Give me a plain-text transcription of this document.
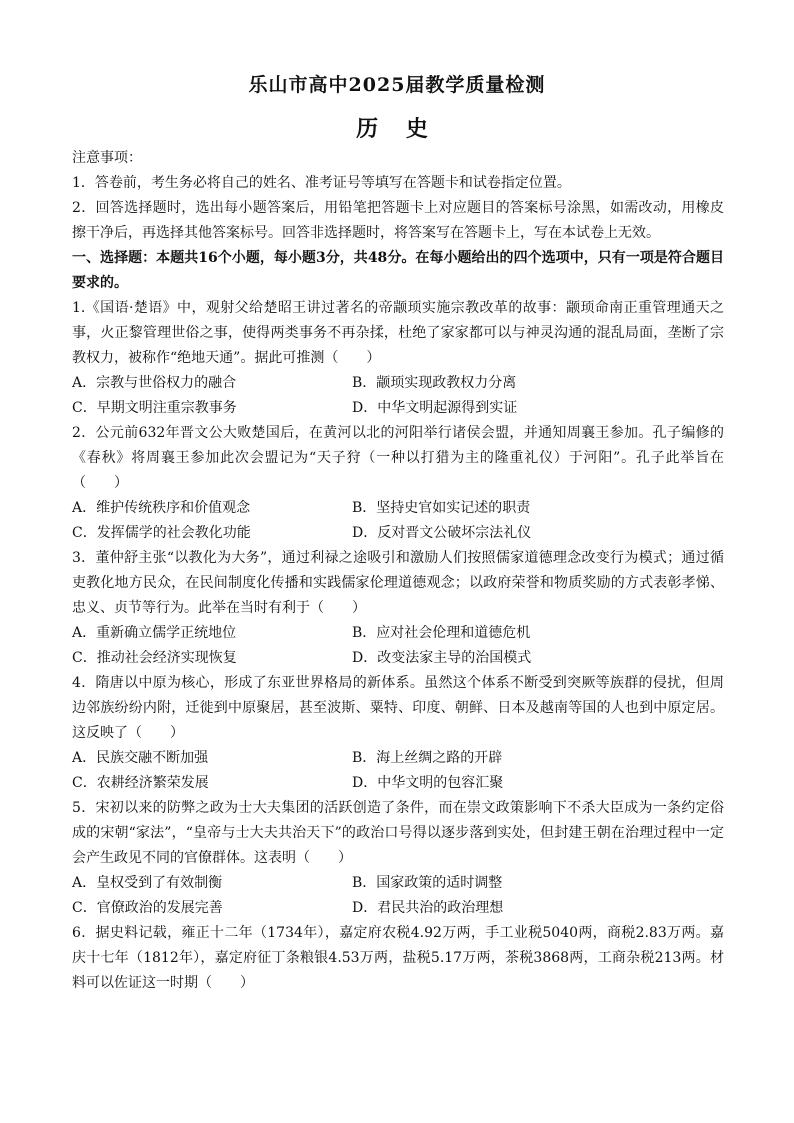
乐山市高中2025届教学质量检测
历 史

注意事项：

1．答卷前，考生务必将自己的姓名、准考证号等填写在答题卡和试卷指定位置。

2．回答选择题时，选出每小题答案后，用铅笔把答题卡上对应题目的答案标号涂黑，如需改动，用橡皮擦干净后，再选择其他答案标号。回答非选择题时，将答案写在答题卡上，写在本试卷上无效。

一、选择题：本题共16个小题，每小题3分，共48分。在每小题给出的四个选项中，只有一项是符合题目要求的。

1.《国语·楚语》中，观射父给楚昭王讲过著名的帝颛顼实施宗教改革的故事：颛顼命南正重管理通天之事，火正黎管理世俗之事，使得两类事务不再杂揉，杜绝了家家都可以与神灵沟通的混乱局面，垄断了宗教权力，被称作“绝地天通”。据此可推测（　　）

A．宗教与世俗权力的融合	B．颛顼实现政教权力分离
C．早期文明注重宗教事务	D．中华文明起源得到实证

2．公元前632年晋文公大败楚国后，在黄河以北的河阳举行诸侯会盟，并通知周襄王参加。孔子编修的《春秋》将周襄王参加此次会盟记为“天子狩（一种以打猎为主的隆重礼仪）于河阳”。孔子此举旨在（　　）

A．维护传统秩序和价值观念	B．坚持史官如实记述的职责
C．发挥儒学的社会教化功能	D．反对晋文公破坏宗法礼仪

3．董仲舒主张“以教化为大务”，通过利禄之途吸引和激励人们按照儒家道德理念改变行为模式；通过循吏教化地方民众，在民间制度化传播和实践儒家伦理道德观念；以政府荣誉和物质奖励的方式表彰孝悌、忠义、贞节等行为。此举在当时有利于（　　）

A．重新确立儒学正统地位	B．应对社会伦理和道德危机
C．推动社会经济实现恢复	D．改变法家主导的治国模式

4．隋唐以中原为核心，形成了东亚世界格局的新体系。虽然这个体系不断受到突厥等族群的侵扰，但周边邻族纷纷内附，迁徙到中原聚居，甚至波斯、粟特、印度、朝鲜、日本及越南等国的人也到中原定居。这反映了（　　）

A．民族交融不断加强	B．海上丝绸之路的开辟
C．农耕经济繁荣发展	D．中华文明的包容汇聚

5．宋初以来的防弊之政为士大夫集团的活跃创造了条件，而在崇文政策影响下不杀大臣成为一条约定俗成的宋朝“家法”，“皇帝与士大夫共治天下”的政治口号得以逐步落到实处，但封建王朝在治理过程中一定会产生政见不同的官僚群体。这表明（　　）

A．皇权受到了有效制衡	B．国家政策的适时调整
C．官僚政治的发展完善	D．君民共治的政治理想

6．据史料记载，雍正十二年（1734年），嘉定府农税4.92万两，手工业税5040两，商税2.83万两。嘉庆十七年（1812年），嘉定府征丁条粮银4.53万两，盐税5.17万两，茶税3868两，工商杂税213两。材料可以佐证这一时期（　　）
